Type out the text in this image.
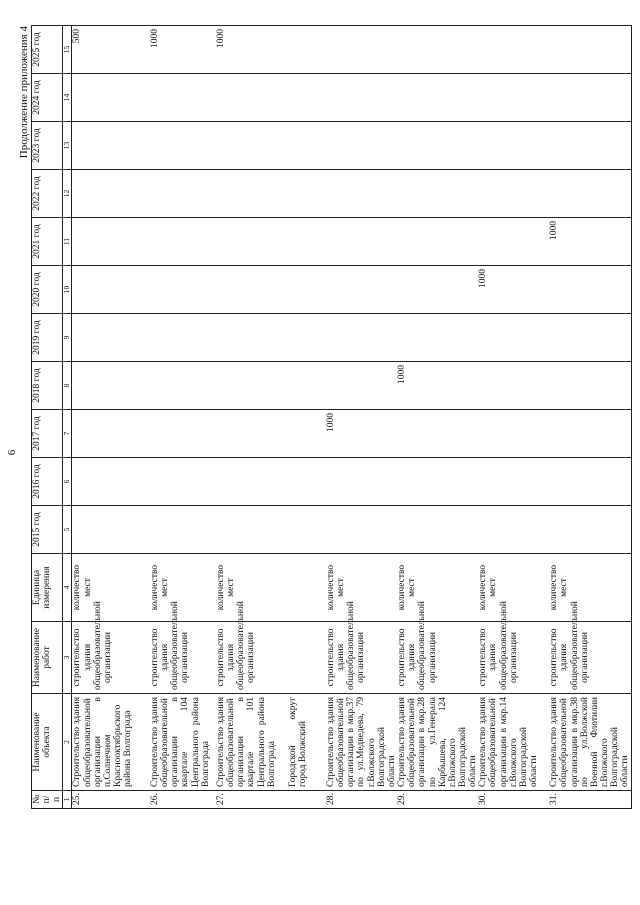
6
Продолжение приложения 4
№ п/п	Наименование объекта	Наименование работ	Единица измерения	2015 год	2016 год	2017 год	2018 год	2019 год	2020 год	2021 год	2022 год	2023 год	2024 год	2025 год
1	2	3	4	5	6	7	8	9	10	11	12	13	14	15
25.	Строительство здания общеобразовательной организации в п.Солнечном Краснооктябрьского района Волгограда	строительство здания общеобразовательной организации	количество мест											500
26.	Строительство здания общеобразовательной организации в квартале 104 Центрального района Волгограда	строительство здания общеобразовательной организации	количество мест											1000
27.	Строительство здания общеобразовательной организации в квартале 101 Центрального района Волгограда	строительство здания общеобразовательной организации	количество мест											1000
	Городской округ город Волжский													
28.	Строительство здания общеобразовательной организации в мкр.37 по ул.Медведева, 79 г.Волжского Волгоградской области	строительство здания общеобразовательной организации	количество мест			1000								
29.	Строительство здания общеобразовательной организации в мкр.28 по ул.Генерала Карбышева, 124 г.Волжского Волгоградской области	строительство здания общеобразовательной организации	количество мест				1000							
30.	Строительство здания общеобразовательной организации в мкр.14 г.Волжского Волгоградской области	строительство здания общеобразовательной организации	количество мест						1000					
31.	Строительство здания общеобразовательной организации в мкр.38 по ул.Волжской Военной Флотилии г.Волжского Волгоградской области	строительство здания общеобразовательной организации	количество мест							1000				
